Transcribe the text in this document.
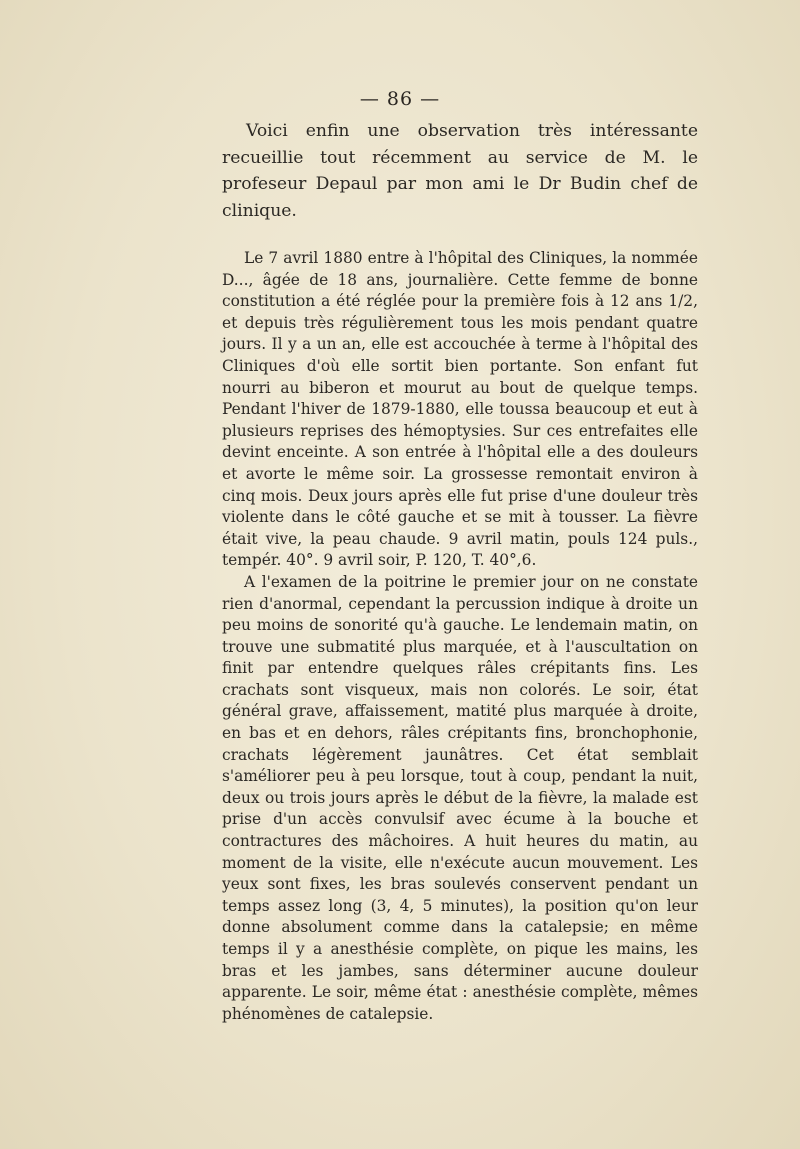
— 86 —

Voici enfin une observation très intéressante recueillie tout récemment au service de M. le profeseur Depaul par mon ami le Dr Budin chef de clinique.

Le 7 avril 1880 entre à l'hôpital des Cliniques, la nommée D..., âgée de 18 ans, journalière. Cette femme de bonne constitution a été réglée pour la première fois à 12 ans 1/2, et depuis très régulièrement tous les mois pendant quatre jours. Il y a un an, elle est accouchée à terme à l'hôpital des Cliniques d'où elle sortit bien portante. Son enfant fut nourri au biberon et mourut au bout de quelque temps. Pendant l'hiver de 1879-1880, elle toussa beaucoup et eut à plusieurs reprises des hémoptysies. Sur ces entrefaites elle devint enceinte. A son entrée à l'hôpital elle a des douleurs et avorte le même soir. La grossesse remontait environ à cinq mois. Deux jours après elle fut prise d'une douleur très violente dans le côté gauche et se mit à tousser. La fièvre était vive, la peau chaude. 9 avril matin, pouls 124 puls., tempér. 40°. 9 avril soir, P. 120, T. 40°,6.

A l'examen de la poitrine le premier jour on ne constate rien d'anormal, cependant la percussion indique à droite un peu moins de sonorité qu'à gauche. Le lendemain matin, on trouve une submatité plus marquée, et à l'auscultation on finit par entendre quelques râles crépitants fins. Les crachats sont visqueux, mais non colorés. Le soir, état général grave, affaissement, matité plus marquée à droite, en bas et en dehors, râles crépitants fins, bronchophonie, crachats légèrement jaunâtres. Cet état semblait s'améliorer peu à peu lorsque, tout à coup, pendant la nuit, deux ou trois jours après le début de la fièvre, la malade est prise d'un accès convulsif avec écume à la bouche et contractures des mâchoires. A huit heures du matin, au moment de la visite, elle n'exécute aucun mouvement. Les yeux sont fixes, les bras soulevés conservent pendant un temps assez long (3, 4, 5 minutes), la position qu'on leur donne absolument comme dans la catalepsie; en même temps il y a anesthésie complète, on pique les mains, les bras et les jambes, sans déterminer aucune douleur apparente. Le soir, même état : anesthésie complète, mêmes phénomènes de catalepsie.
